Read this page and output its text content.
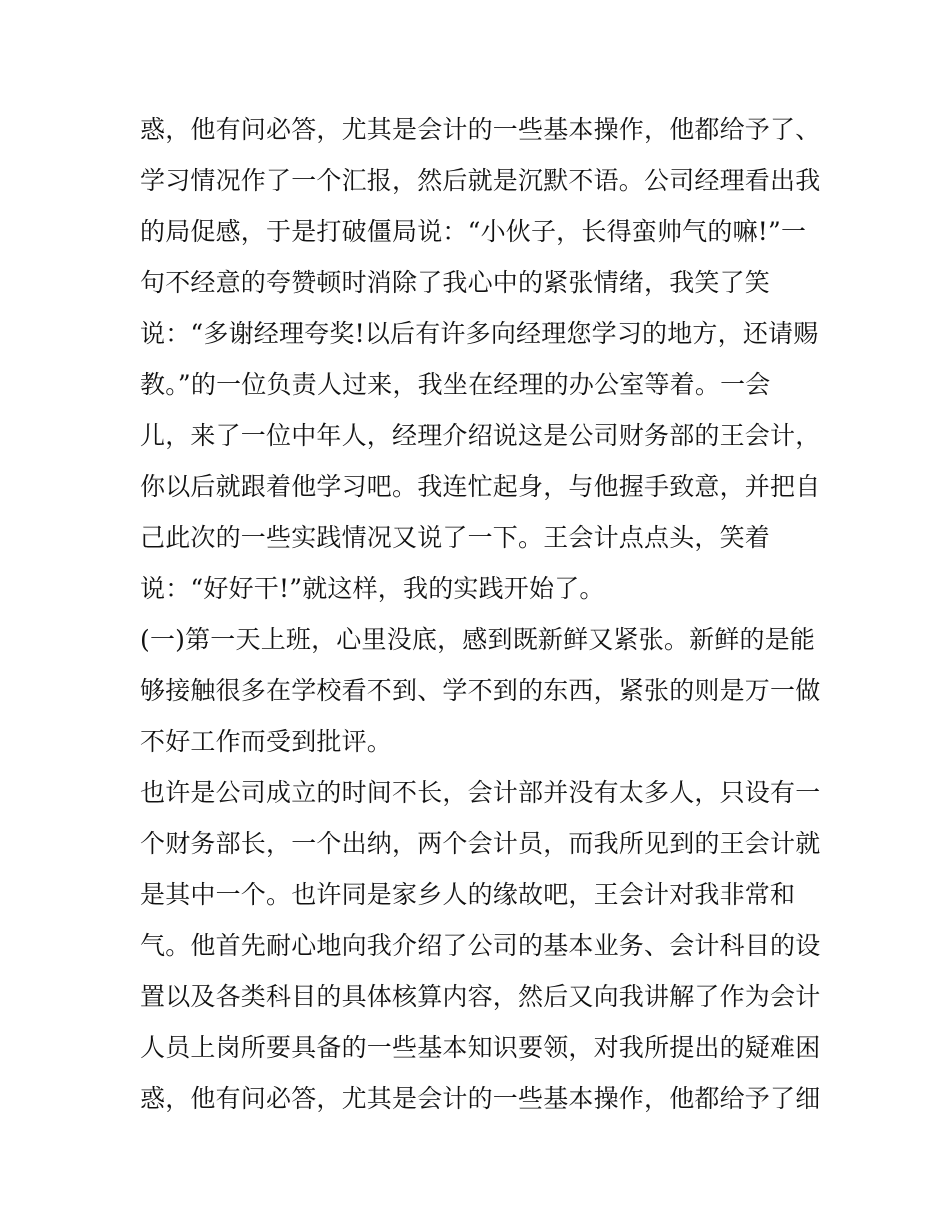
惑，他有问必答，尤其是会计的一些基本操作，他都给予了、

学习情况作了一个汇报，然后就是沉默不语。公司经理看出我

的局促感，于是打破僵局说：“小伙子，长得蛮帅气的嘛!”一

句不经意的夸赞顿时消除了我心中的紧张情绪，我笑了笑

说：“多谢经理夸奖!以后有许多向经理您学习的地方，还请赐

教。”的一位负责人过来，我坐在经理的办公室等着。一会

儿，来了一位中年人，经理介绍说这是公司财务部的王会计，

你以后就跟着他学习吧。我连忙起身，与他握手致意，并把自

己此次的一些实践情况又说了一下。王会计点点头，笑着

说：“好好干!”就这样，我的实践开始了。

(一)第一天上班，心里没底，感到既新鲜又紧张。新鲜的是能

够接触很多在学校看不到、学不到的东西，紧张的则是万一做

不好工作而受到批评。

也许是公司成立的时间不长，会计部并没有太多人，只设有一

个财务部长，一个出纳，两个会计员，而我所见到的王会计就

是其中一个。也许同是家乡人的缘故吧，王会计对我非常和

气。他首先耐心地向我介绍了公司的基本业务、会计科目的设

置以及各类科目的具体核算内容，然后又向我讲解了作为会计

人员上岗所要具备的一些基本知识要领，对我所提出的疑难困

惑，他有问必答，尤其是会计的一些基本操作，他都给予了细
